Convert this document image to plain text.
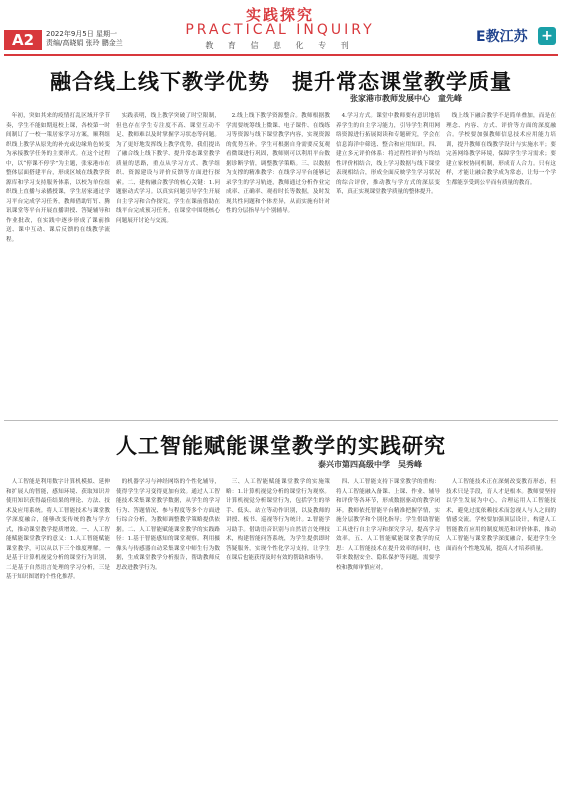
A2	2022年9月5日 星期一
责编/高晓娟 张玲 鹏金兰
实践探究
PRACTICAL INQUIRY
教 育 信 息 化 专 刊
E教江苏 +
融合线上线下教学优势　提升常态课堂教学质量
张家港市教师发展中心　童先峰

年初，突如其来的疫情打乱区域开学节奏，学生不能如期返校上课，各校第一时间制订了一校一策居家学习方案，顺利组织线上教学从原先的补充或边缘角色转变为承接教学任务的主要形式。在这个过程中，以“停课不停学”为主题，张家港市在整体层面搭建平台，形成区域在线教学资源库和学习支持服务体系，以校为单位组织线上直播与录播授课，学生居家通过学习平台完成学习任务，教师借助钉钉、腾讯课堂等平台开展直播讲授、答疑辅导和作业批改，在实践中逐步形成了课前推送、课中互动、课后反馈的在线教学流程。

实践表明，线上教学突破了时空限制，但也存在学生专注度不高、课堂互动不足、教师难以及时掌握学习状态等问题。为了更好地发挥线上教学优势，我们提出了融合线上线下教学、提升常态课堂教学质量的思路，重点从学习方式、教学组织、资源建设与评价反馈等方面进行探索。二、建构融合教学的核心关键：1.问题驱动式学习。以真实问题引导学生开展自主学习和合作探究，学生在课前借助在线平台完成预习任务，在课堂中围绕核心问题展开讨论与交流。

2.线上线下教学资源整合。教师根据教学需要统筹线上微课、电子课件、在线练习等资源与线下课堂教学内容，实现资源的优势互补。学生可根据自身需要反复观看微课进行巩固，教师则可以利用平台数据诊断学情，调整教学策略。三、以数据为支撑的精准教学：在线学习平台能够记录学生的学习轨迹，教师通过分析作业完成率、正确率、观看时长等数据，及时发现共性问题和个体差异，从而实施有针对性的分层指导与个别辅导。

4.学习方式。课堂中教师要有意识地培养学生的自主学习能力，引导学生利用网络资源进行拓展阅读和专题研究，学会在信息海洋中筛选、整合和应用知识。四、建立多元评价体系：将过程性评价与终结性评价相结合，线上学习数据与线下课堂表现相结合，形成全面反映学生学习状况的综合评价，推动教与学方式的深层变革，真正实现课堂教学质量的整体提升。

线上线下融合教学不是简单叠加，而是在理念、内容、方式、评价等方面的深度融合。学校要加强教师信息技术应用能力培训，提升教师在线教学设计与实施水平；要完善网络教学环境，保障学生学习需求；要建立家校协同机制，形成育人合力。只有这样，才能让融合教学成为常态，让每一个学生都能享受到公平而有质量的教育。

人工智能赋能课堂教学的实践研究
泰兴市第四高级中学　吴秀峰

人工智能是利用数字计算机模拟、延伸和扩展人的智能，感知环境、获取知识并使用知识获得最佳结果的理论、方法、技术及应用系统。将人工智能技术与课堂教学深度融合，能够改变传统的教与学方式，推动课堂教学提质增效。一、人工智能赋能课堂教学的意义：1.人工智能赋能课堂教学，可以从以下三个维度理解。一是基于计算机视觉分析的课堂行为识别，二是基于自然语言处理的学习分析，三是基于知识图谱的个性化推荐。

的机器学习与神经网络的个性化辅导，使得学生学习变得更加有效。通过人工智能技术采集课堂教学数据，从学生的学习行为、答题情况、参与程度等多个方面进行综合分析，为教师调整教学策略提供依据。二、人工智能赋能课堂教学的实践路径：1.基于智能感知的课堂观察。利用摄像头与传感器自动采集课堂中师生行为数据，生成课堂教学分析报告，帮助教师反思改进教学行为。

三、人工智能赋能课堂教学的实施策略：1.计算机视觉分析的课堂行为观察。计算机视觉分析课堂行为，包括学生的举手、低头、站立等动作识别，以及教师的讲授、板书、巡视等行为统计。2.智能学习助手。借助语音识别与自然语言处理技术，构建智能问答系统，为学生提供即时答疑服务，实现个性化学习支持，让学生在课后也能获得及时有效的帮助和指导。

四、人工智能支持下课堂教学的重构：将人工智能融入备课、上课、作业、辅导和评价等各环节，形成数据驱动的教学闭环。教师依托智能平台精准把握学情，实施分层教学和个别化指导；学生借助智能工具进行自主学习和探究学习，提高学习效率。五、人工智能赋能课堂教学的反思：人工智能技术在提升效率的同时，也带来数据安全、隐私保护等问题，需要学校和教师审慎应对。

人工智能技术正在深刻改变教育形态，但技术只是手段，育人才是根本。教师要坚持以学生发展为中心，合理运用人工智能技术，避免过度依赖技术而忽视人与人之间的情感交流。学校要加强顶层设计，构建人工智能教育应用的制度规范和评价体系，推动人工智能与课堂教学深度融合，促进学生全面而有个性地发展，提高人才培养质量。
